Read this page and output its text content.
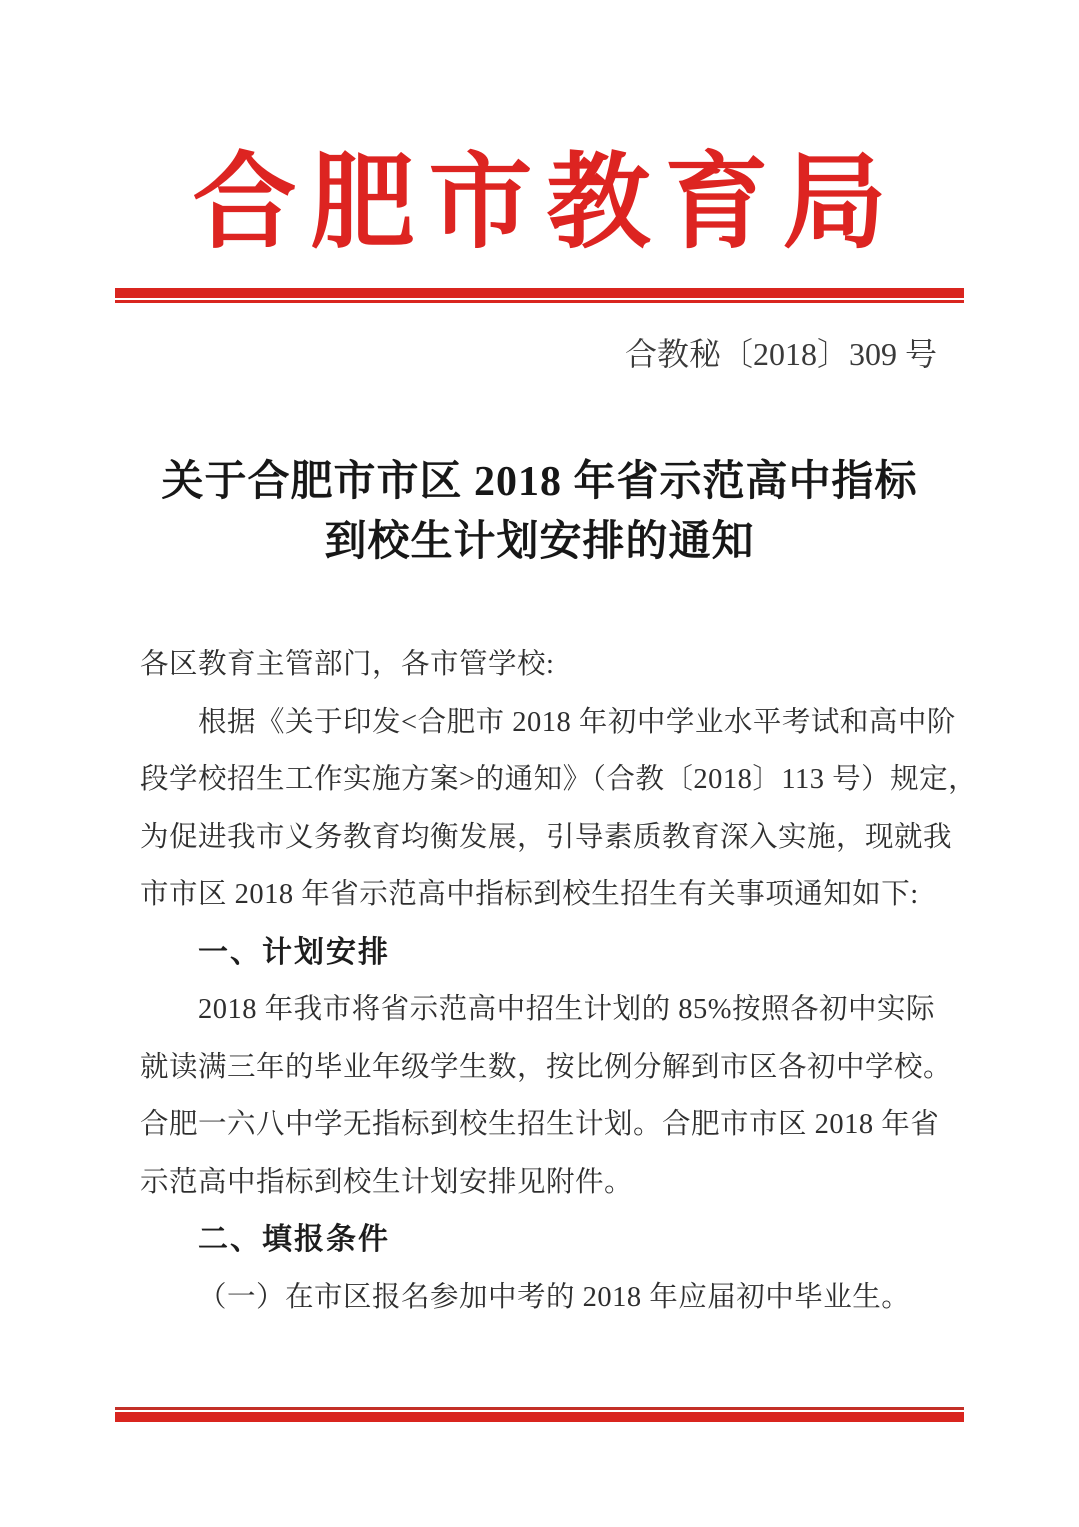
合肥市教育局
合教秘〔2018〕309 号
关于合肥市市区 2018 年省示范高中指标
到校生计划安排的通知
各区教育主管部门，各市管学校:
根据《关于印发<合肥市 2018 年初中学业水平考试和高中阶
段学校招生工作实施方案>的通知》（合教〔2018〕113 号）规定，
为促进我市义务教育均衡发展，引导素质教育深入实施，现就我
市市区 2018 年省示范高中指标到校生招生有关事项通知如下:
一、计划安排
2018 年我市将省示范高中招生计划的 85%按照各初中实际
就读满三年的毕业年级学生数，按比例分解到市区各初中学校。
合肥一六八中学无指标到校生招生计划。合肥市市区 2018 年省
示范高中指标到校生计划安排见附件。
二、填报条件
（一）在市区报名参加中考的 2018 年应届初中毕业生。
